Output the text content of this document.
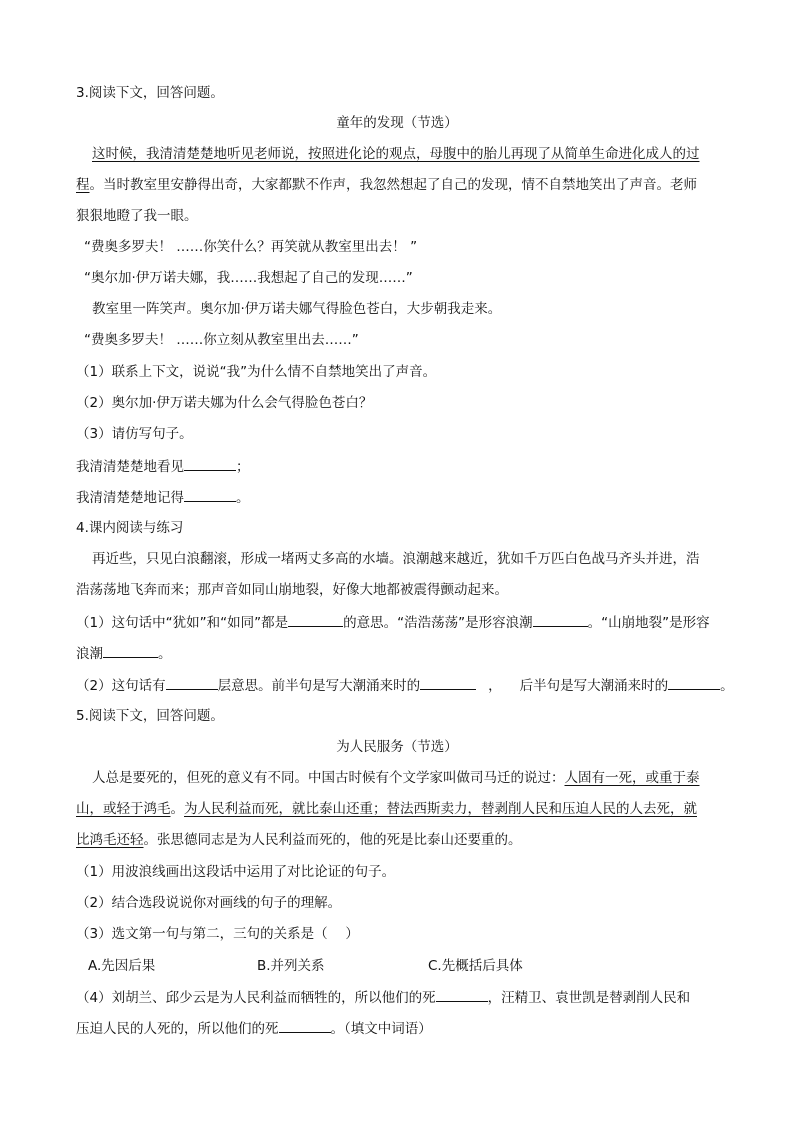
3.阅读下文，回答问题。
童年的发现（节选）
这时候，我清清楚楚地听见老师说，按照进化论的观点，母腹中的胎儿再现了从简单生命进化成人的过
程。当时教室里安静得出奇，大家都默不作声，我忽然想起了自己的发现，情不自禁地笑出了声音。老师
狠狠地瞪了我一眼。
“费奥多罗夫！ ……你笑什么？再笑就从教室里出去！ ”
“奥尔加·伊万诺夫娜，我……我想起了自己的发现……”
教室里一阵笑声。奥尔加·伊万诺夫娜气得脸色苍白，大步朝我走来。
“费奥多罗夫！ ……你立刻从教室里出去……”
（1）联系上下文，说说“我”为什么情不自禁地笑出了声音。
（2）奥尔加·伊万诺夫娜为什么会气得脸色苍白？
（3）请仿写句子。
我清清楚楚地看见	；
我清清楚楚地记得	。
4.课内阅读与练习
再近些，只见白浪翻滚，形成一堵两丈多高的水墙。浪潮越来越近，犹如千万匹白色战马齐头并进，浩
浩荡荡地飞奔而来；那声音如同山崩地裂，好像大地都被震得颤动起来。
（1）这句话中“犹如”和“如同”都是	的意思。“浩浩荡荡”是形容浪潮	。“山崩地裂”是形容
浪潮	。
（2）这句话有	层意思。前半句是写大潮涌来时的	， 后半句是写大潮涌来时的	。
5.阅读下文，回答问题。
为人民服务（节选）
人总是要死的，但死的意义有不同。中国古时候有个文学家叫做司马迁的说过：人固有一死，或重于泰
山，或轻于鸿毛。为人民利益而死，就比泰山还重；替法西斯卖力，替剥削人民和压迫人民的人去死，就
比鸿毛还轻。张思德同志是为人民利益而死的，他的死是比泰山还要重的。
（1）用波浪线画出这段话中运用了对比论证的句子。
（2）结合选段说说你对画线的句子的理解。
（3）选文第一句与第二，三句的关系是（　 ）
A.先因后果	B.并列关系	C.先概括后具体
（4）刘胡兰、邱少云是为人民利益而牺牲的，所以他们的死	，汪精卫、袁世凯是替剥削人民和
压迫人民的人死的，所以他们的死	。（填文中词语）
